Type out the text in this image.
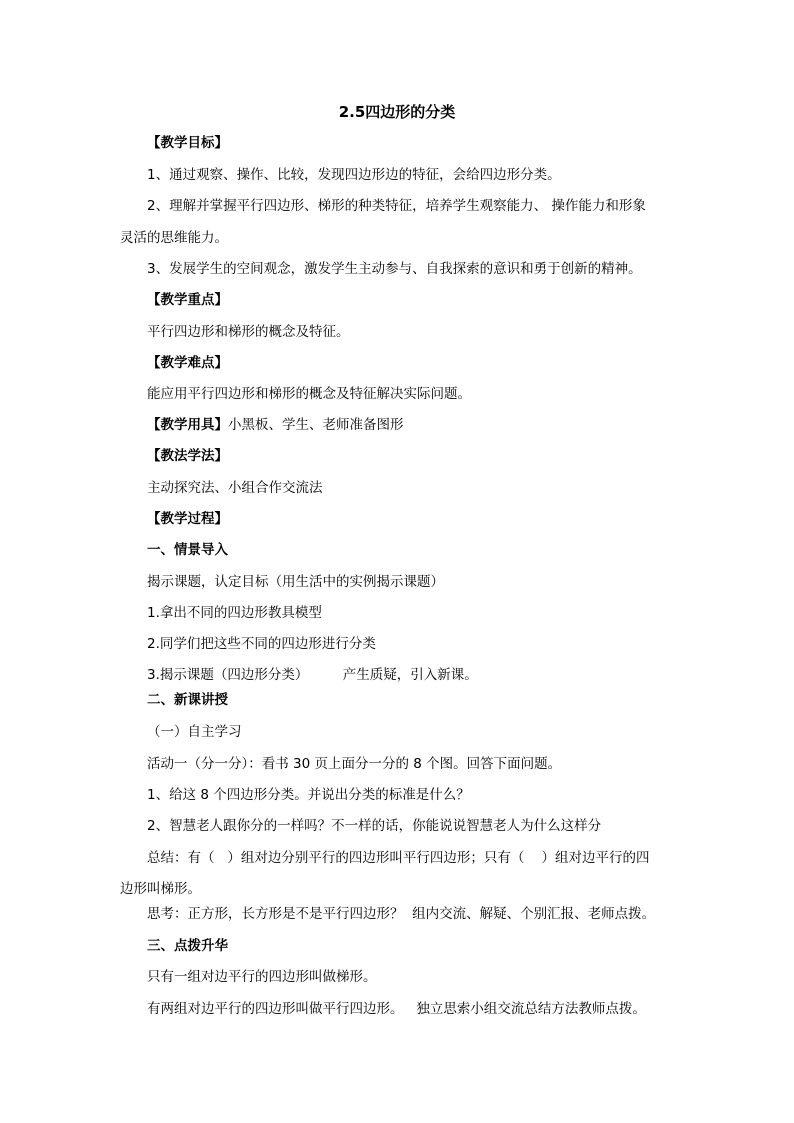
2.5四边形的分类
【教学目标】
1、通过观察、操作、比较，发现四边形边的特征，会给四边形分类。
2、理解并掌握平行四边形、梯形的种类特征，培养学生观察能力、 操作能力和形象
灵活的思维能力。
3、发展学生的空间观念，激发学生主动参与、自我探索的意识和勇于创新的精神。
【教学重点】
平行四边形和梯形的概念及特征。
【教学难点】
能应用平行四边形和梯形的概念及特征解决实际问题。
【教学用具】小黑板、学生、老师准备图形
【教法学法】
主动探究法、小组合作交流法
【教学过程】
一、情景导入
揭示课题，认定目标（用生活中的实例揭示课题）
1.拿出不同的四边形教具模型
2.同学们把这些不同的四边形进行分类
3.揭示课题（四边形分类）        产生质疑，引入新课。
二、新课讲授
（一）自主学习
活动一（分一分）：看书 30 页上面分一分的 8 个图。回答下面问题。
1、给这 8 个四边形分类。并说出分类的标准是什么？
2、智慧老人跟你分的一样吗？不一样的话，你能说说智慧老人为什么这样分
总结：有（   ）组对边分别平行的四边形叫平行四边形；只有（    ）组对边平行的四
边形叫梯形。
思考：正方形，长方形是不是平行四边形？  组内交流、解疑、个别汇报、老师点拨。
三、点拨升华
只有一组对边平行的四边形叫做梯形。
有两组对边平行的四边形叫做平行四边形。   独立思索小组交流总结方法教师点拨。
